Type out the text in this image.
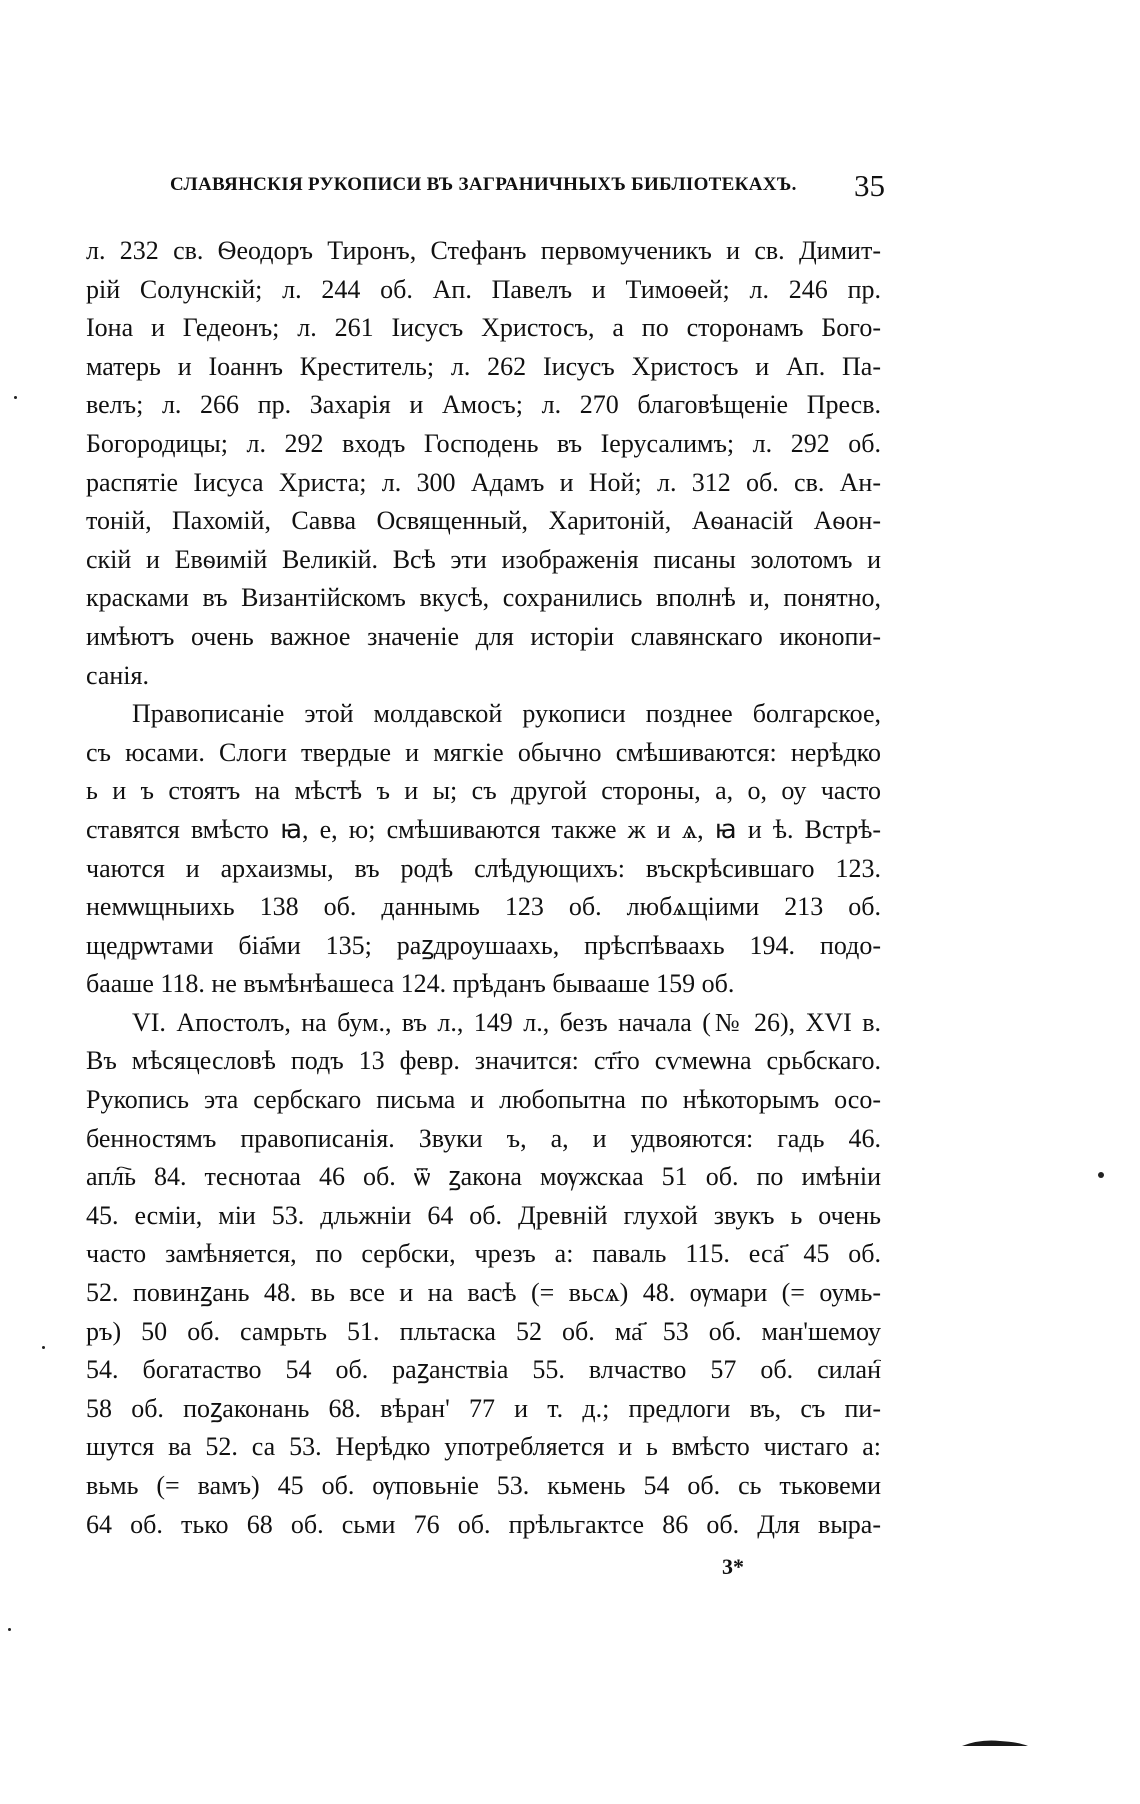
СЛАВЯНСКІЯ РУКОПИСИ ВЪ ЗАГРАНИЧНЫХЪ БИБЛІОТЕКАХЪ. 35
л. 232 св. Ѳеодоръ Тиронъ, Стефанъ первомученикъ и св. Димит-
рій Солунскій; л. 244 об. Ап. Павелъ и Тимоѳей; л. 246 пр.
Іона и Гедеонъ; л. 261 Іисусъ Христосъ, а по сторонамъ Бого-
матерь и Іоаннъ Креститель; л. 262 Іисусъ Христосъ и Ап. Па-
велъ; л. 266 пр. Захарія и Амосъ; л. 270 благовѣщеніе Пресв.
Богородицы; л. 292 входъ Господень въ Іерусалимъ; л. 292 об.
распятіе Іисуса Христа; л. 300 Адамъ и Ной; л. 312 об. св. Ан-
тоній, Пахомій, Савва Освященный, Харитоній, Аѳанасій Аѳон-
скій и Евѳимій Великій. Всѣ эти изображенія писаны золотомъ и
красками въ Византійскомъ вкусѣ, сохранились вполнѣ и, понятно,
имѣютъ очень важное значеніе для исторіи славянскаго иконопи-
санія.
Правописаніе этой молдавской рукописи позднее болгарское,
съ юсами. Слоги твердые и мягкіе обычно смѣшиваются: нерѣдко
ь и ъ стоятъ на мѣстѣ ъ и ы; съ другой стороны, а, о, оу часто
ставятся вмѣсто ꙗ, е, ю; смѣшиваются также ж и ѧ, ꙗ и ѣ. Встрѣ-
чаются и архаизмы, въ родѣ слѣдующихъ: въскрѣсившаго 123.
немѡщныихь 138 об. даннымь 123 об. любѧщіими 213 об.
щедрѡтами біа҃ми 135; раꙁдроушаахь, прѣспѣваахь 194. подо-
бааше 118. не въмѣнѣашеса 124. прѣданъ бывааше 159 об.
VI. Апостолъ, на бум., въ л., 149 л., безъ начала (№ 26), XVI в.
Въ мѣсяцесловѣ подъ 13 февр. значится: ст҃го сѵмеѡна срьбскаго.
Рукопись эта сербскаго письма и любопытна по нѣкоторымъ осо-
бенностямъ правописанія. Звуки ъ, а, и удвояются: гадь 46.
апл҇ь 84. теснотаа 46 об. ѿ ꙁакона мѹжскаа 51 об. по имѣніи
45. есміи, міи 53. дльжніи 64 об. Древній глухой звукъ ь очень
часто замѣняется, по сербски, чрезъ а: паваль 115. еса҃ 45 об.
52. повинꙁань 48. вь все и на васѣ (= вьсѧ) 48. ѹмари (= оумь-
ръ) 50 об. самрьть 51. пльтаска 52 об. ма҃ 53 об. ман'шемоу
54. богатаство 54 об. раꙁанствіа 55. влчаство 57 об. силан҇
58 об. поꙁаконань 68. вѣран' 77 и т. д.; предлоги въ, съ пи-
шутся ва 52. са 53. Нерѣдко употребляется и ь вмѣсто чистаго а:
вьмь (= вамъ) 45 об. ѹповьніе 53. кьмень 54 об. сь тьковеми
64 об. тько 68 об. сьми 76 об. прѣльгактсе 86 об. Для выра-
3*
